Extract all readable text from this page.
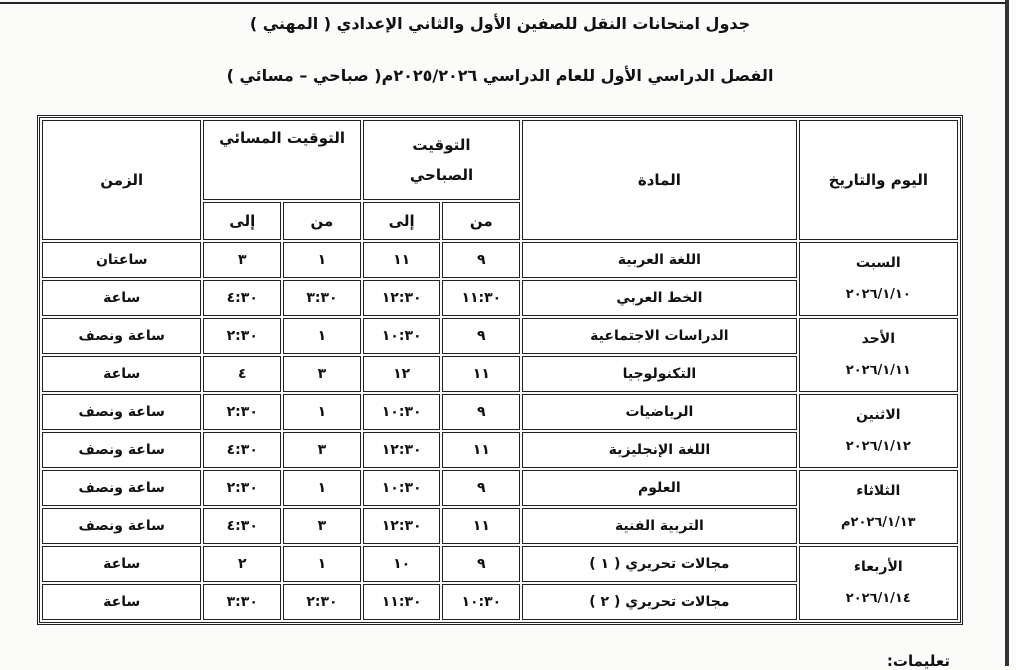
جدول امتحانات النقل للصفين الأول والثاني الإعدادي ( المهني )
الفصل الدراسي الأول للعام الدراسي ٢٠٢٥/٢٠٢٦م( صباحي – مسائي )
اليوم والتاريخ	المادة	التوقيت الصباحي		التوقيت المسائي		الزمن
		من	إلى	من	إلى	

السبت
٢٠٢٦/١/١٠	اللغة العربية	٩	١١	١	٣	ساعتان
	الخط العربي	١١:٣٠	١٢:٣٠	٣:٣٠	٤:٣٠	ساعة

الأحد
٢٠٢٦/١/١١	الدراسات الاجتماعية	٩	١٠:٣٠	١	٢:٣٠	ساعة ونصف
	التكنولوجيا	١١	١٢	٣	٤	ساعة

الاثنين
٢٠٢٦/١/١٢	الرياضيات	٩	١٠:٣٠	١	٢:٣٠	ساعة ونصف
	اللغة الإنجليزية	١١	١٢:٣٠	٣	٤:٣٠	ساعة ونصف

الثلاثاء
٢٠٢٦/١/١٣م	العلوم	٩	١٠:٣٠	١	٢:٣٠	ساعة ونصف
	التربية الفنية	١١	١٢:٣٠	٣	٤:٣٠	ساعة ونصف

الأربعاء
٢٠٢٦/١/١٤	مجالات تحريري ( ١ )	٩	١٠	١	٢	ساعة
	مجالات تحريري ( ٢ )	١٠:٣٠	١١:٣٠	٢:٣٠	٣:٣٠	ساعة
تعليمات:
